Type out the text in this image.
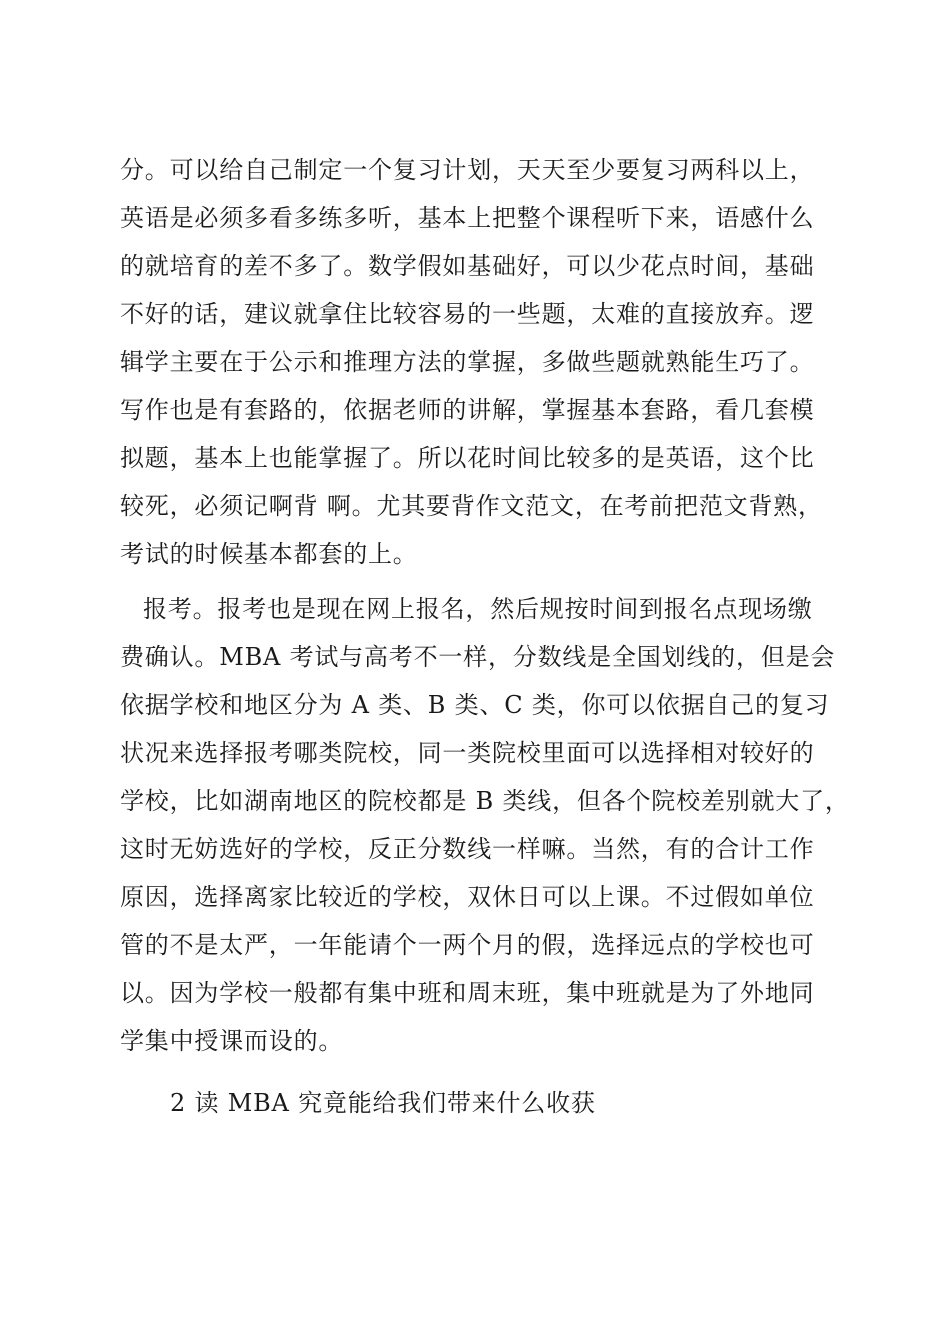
分。可以给自己制定一个复习计划，天天至少要复习两科以上，
英语是必须多看多练多听，基本上把整个课程听下来，语感什么
的就培育的差不多了。数学假如基础好，可以少花点时间，基础
不好的话，建议就拿住比较容易的一些题，太难的直接放弃。逻
辑学主要在于公示和推理方法的掌握，多做些题就熟能生巧了。
写作也是有套路的，依据老师的讲解，掌握基本套路，看几套模
拟题，基本上也能掌握了。所以花时间比较多的是英语，这个比
较死，必须记啊背 啊。尤其要背作文范文，在考前把范文背熟，
考试的时候基本都套的上。
报考。报考也是现在网上报名，然后规按时间到报名点现场缴
费确认。MBA 考试与高考不一样，分数线是全国划线的，但是会
依据学校和地区分为 A 类、B 类、C 类，你可以依据自己的复习
状况来选择报考哪类院校，同一类院校里面可以选择相对较好的
学校，比如湖南地区的院校都是 B 类线，但各个院校差别就大了，
这时无妨选好的学校，反正分数线一样嘛。当然，有的合计工作
原因，选择离家比较近的学校，双休日可以上课。不过假如单位
管的不是太严，一年能请个一两个月的假，选择远点的学校也可
以。因为学校一般都有集中班和周末班，集中班就是为了外地同
学集中授课而设的。
2 读 MBA 究竟能给我们带来什么收获
